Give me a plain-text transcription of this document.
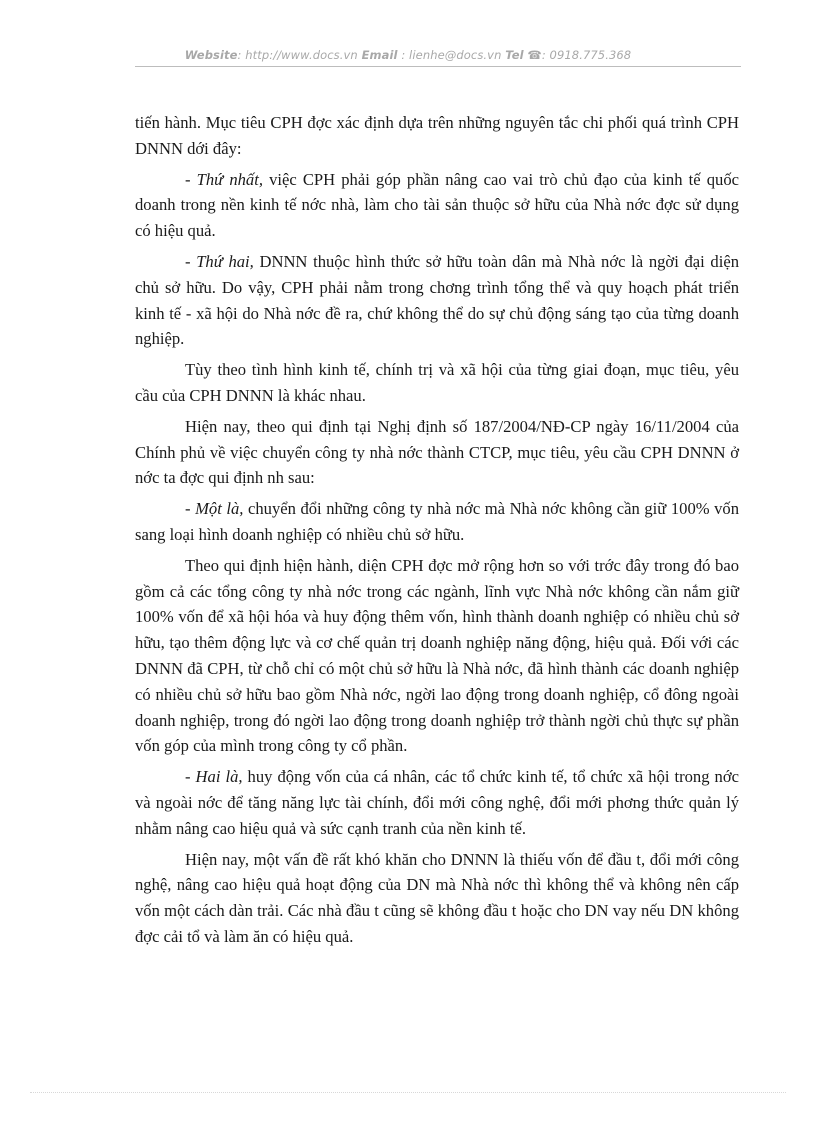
Website: http://www.docs.vn Email : lienhe@docs.vn Tel ☎: 0918.775.368

tiến hành. Mục tiêu CPH đợc xác định dựa trên những nguyên tắc chi phối quá trình CPH DNNN dới đây:

- Thứ nhất, việc CPH phải góp phần nâng cao vai trò chủ đạo của kinh tế quốc doanh trong nền kinh tế nớc nhà, làm cho tài sản thuộc sở hữu của Nhà nớc đợc sử dụng có hiệu quả.

- Thứ hai, DNNN thuộc hình thức sở hữu toàn dân mà Nhà nớc là ngời đại diện chủ sở hữu. Do vậy, CPH phải nằm trong chơng trình tổng thể và quy hoạch phát triển kinh tế - xã hội do Nhà nớc đề ra, chứ không thể do sự chủ động sáng tạo của từng doanh nghiệp.

Tùy theo tình hình kinh tế, chính trị và xã hội của từng giai đoạn, mục tiêu, yêu cầu của CPH DNNN là khác nhau.

Hiện nay, theo qui định tại Nghị định số 187/2004/NĐ-CP ngày 16/11/2004 của Chính phủ về việc chuyển công ty nhà nớc thành CTCP, mục tiêu, yêu cầu CPH DNNN ở nớc ta đợc qui định nh sau:

- Một là, chuyển đổi những công ty nhà nớc mà Nhà nớc không cần giữ 100% vốn sang loại hình doanh nghiệp có nhiều chủ sở hữu.

Theo qui định hiện hành, diện CPH đợc mở rộng hơn so với trớc đây trong đó bao gồm cả các tổng công ty nhà nớc trong các ngành, lĩnh vực Nhà nớc không cần nắm giữ 100% vốn để xã hội hóa và huy động thêm vốn, hình thành doanh nghiệp có nhiều chủ sở hữu, tạo thêm động lực và cơ chế quản trị doanh nghiệp năng động, hiệu quả. Đối với các DNNN đã CPH, từ chỗ chỉ có một chủ sở hữu là Nhà nớc, đã hình thành các doanh nghiệp có nhiều chủ sở hữu bao gồm Nhà nớc, ngời lao động trong doanh nghiệp, cổ đông ngoài doanh nghiệp, trong đó ngời lao động trong doanh nghiệp trở thành ngời chủ thực sự phần vốn góp của mình trong công ty cổ phần.

- Hai là, huy động vốn của cá nhân, các tổ chức kinh tế, tổ chức xã hội trong nớc và ngoài nớc để tăng năng lực tài chính, đổi mới công nghệ, đổi mới phơng thức quản lý nhằm nâng cao hiệu quả và sức cạnh tranh của nền kinh tế.

Hiện nay, một vấn đề rất khó khăn cho DNNN là thiếu vốn để đầu t, đổi mới công nghệ, nâng cao hiệu quả hoạt động của DN mà Nhà nớc thì không thể và không nên cấp vốn một cách dàn trải. Các nhà đầu t cũng sẽ không đầu t hoặc cho DN vay nếu DN không đợc cải tổ và làm ăn có hiệu quả.
